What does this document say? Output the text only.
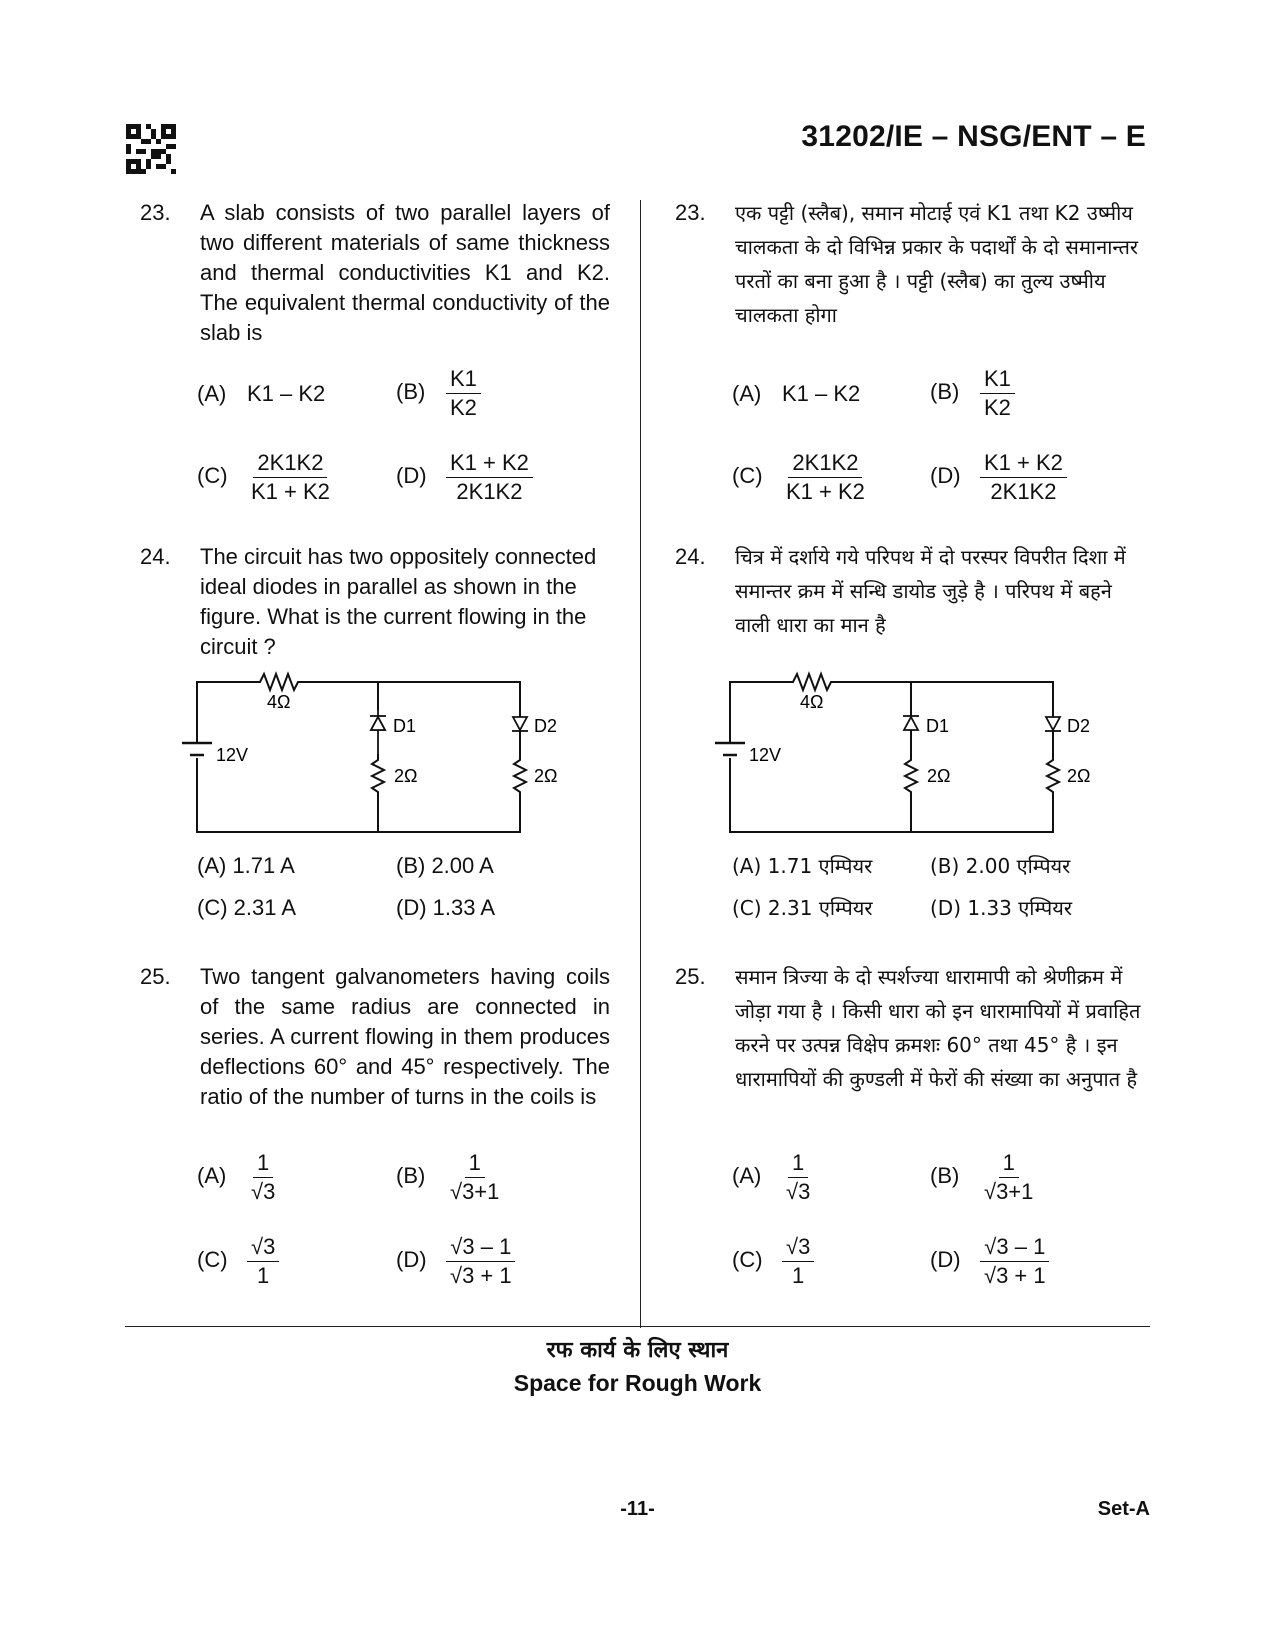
31202/IE – NSG/ENT – E
23. A slab consists of two parallel layers of two different materials of same thickness and thermal conductivities K1 and K2. The equivalent thermal conductivity of the slab is
(A) K1 – K2	$(B) \frac{K1}{K2}$
$(C) \frac{2K1K2}{K1 + K2}$	$(D) \frac{K1 + K2}{2K1K2}$
24. The circuit has two oppositely connected ideal diodes in parallel as shown in the figure. What is the current flowing in the circuit ?
4Ω
12V
D1	D2
2Ω	2Ω
(A) 1.71 A	(B) 2.00 A
(C) 2.31 A	(D) 1.33 A
25. Two tangent galvanometers having coils of the same radius are connected in series. A current flowing in them produces deflections 60° and 45° respectively. The ratio of the number of turns in the coils is
$(A) \frac{1}{√3}$	$(B) \frac{1}{√3+1}$
$(C) \frac{√3}{1}$	$(D) \frac{√3 - 1}{√3 + 1}$
23. एक पट्टी (स्लैब), समान मोटाई एवं K1 तथा K2 उष्मीय चालकता के दो विभिन्न प्रकार के पदार्थों के दो समानान्तर परतों का बना हुआ है । पट्टी (स्लैब) का तुल्य उष्मीय चालकता होगा
(A) K1 – K2	$(B) \frac{K1}{K2}$
$(C) \frac{2K1K2}{K1 + K2}$	$(D) \frac{K1 + K2}{2K1K2}$
24. चित्र में दर्शाये गये परिपथ में दो परस्पर विपरीत दिशा में समान्तर क्रम में सन्धि डायोड जुड़े है । परिपथ में बहने वाली धारा का मान है
4Ω
12V
D1	D2
2Ω	2Ω
(A) 1.71 एम्पियर	(B) 2.00 एम्पियर
(C) 2.31 एम्पियर	(D) 1.33 एम्पियर
25. समान त्रिज्या के दो स्पर्शज्या धारामापी को श्रेणीक्रम में जोड़ा गया है । किसी धारा को इन धारामापियों में प्रवाहित करने पर उत्पन्न विक्षेप क्रमशः 60° तथा 45° है । इन धारामापियों की कुण्डली में फेरों की संख्या का अनुपात है
$(A) \frac{1}{√3}$	$(B) \frac{1}{√3+1}$
$(C) \frac{√3}{1}$	$(D) \frac{√3 - 1}{√3 + 1}$
रफ कार्य के लिए स्थान
Space for Rough Work
-11-	Set-A
